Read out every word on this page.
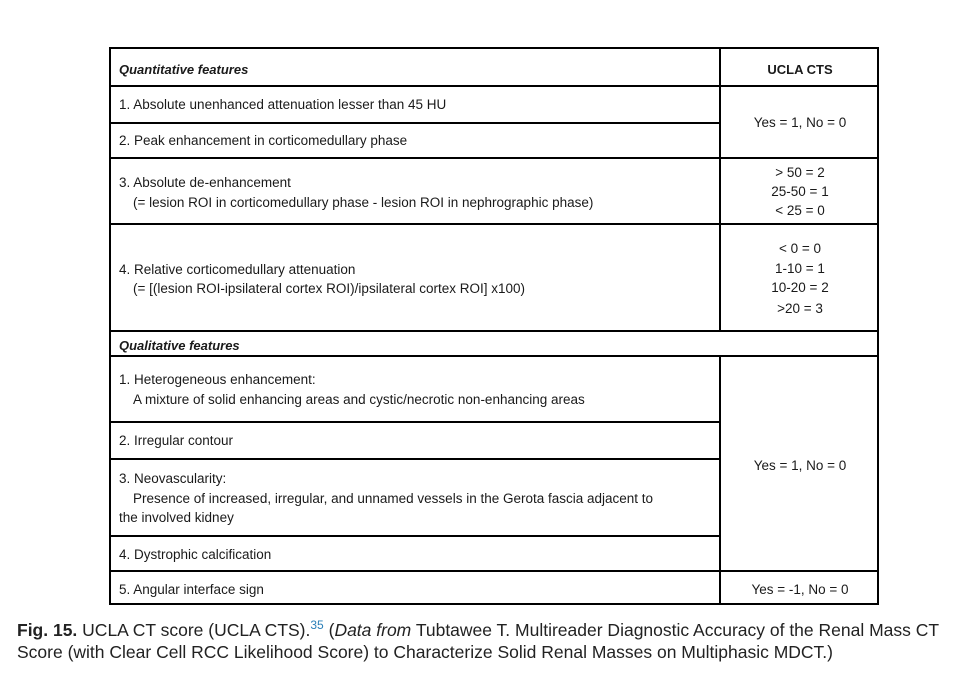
Quantitative features	UCLA CTS
1. Absolute unenhanced attenuation lesser than 45 HU
2. Peak enhancement in corticomedullary phase
Yes = 1, No = 0
3. Absolute de-enhancement
(= lesion ROI in corticomedullary phase - lesion ROI in nephrographic phase)
> 50 = 2
25-50 = 1
< 25 = 0
4. Relative corticomedullary attenuation
(= [(lesion ROI-ipsilateral cortex ROI)/ipsilateral cortex ROI] x100)
< 0 = 0
1-10 = 1
10-20 = 2
>20 = 3
Qualitative features
1. Heterogeneous enhancement:
A mixture of solid enhancing areas and cystic/necrotic non-enhancing areas
2. Irregular contour
3. Neovascularity:
Presence of increased, irregular, and unnamed vessels in the Gerota fascia adjacent to
the involved kidney
4. Dystrophic calcification
Yes = 1, No = 0
5. Angular interface sign	Yes = -1, No = 0
Fig. 15. UCLA CT score (UCLA CTS).$^{35}$ (Data from Tubtawee T. Multireader Diagnostic Accuracy of the Renal Mass CT Score (with Clear Cell RCC Likelihood Score) to Characterize Solid Renal Masses on Multiphasic MDCT.)
